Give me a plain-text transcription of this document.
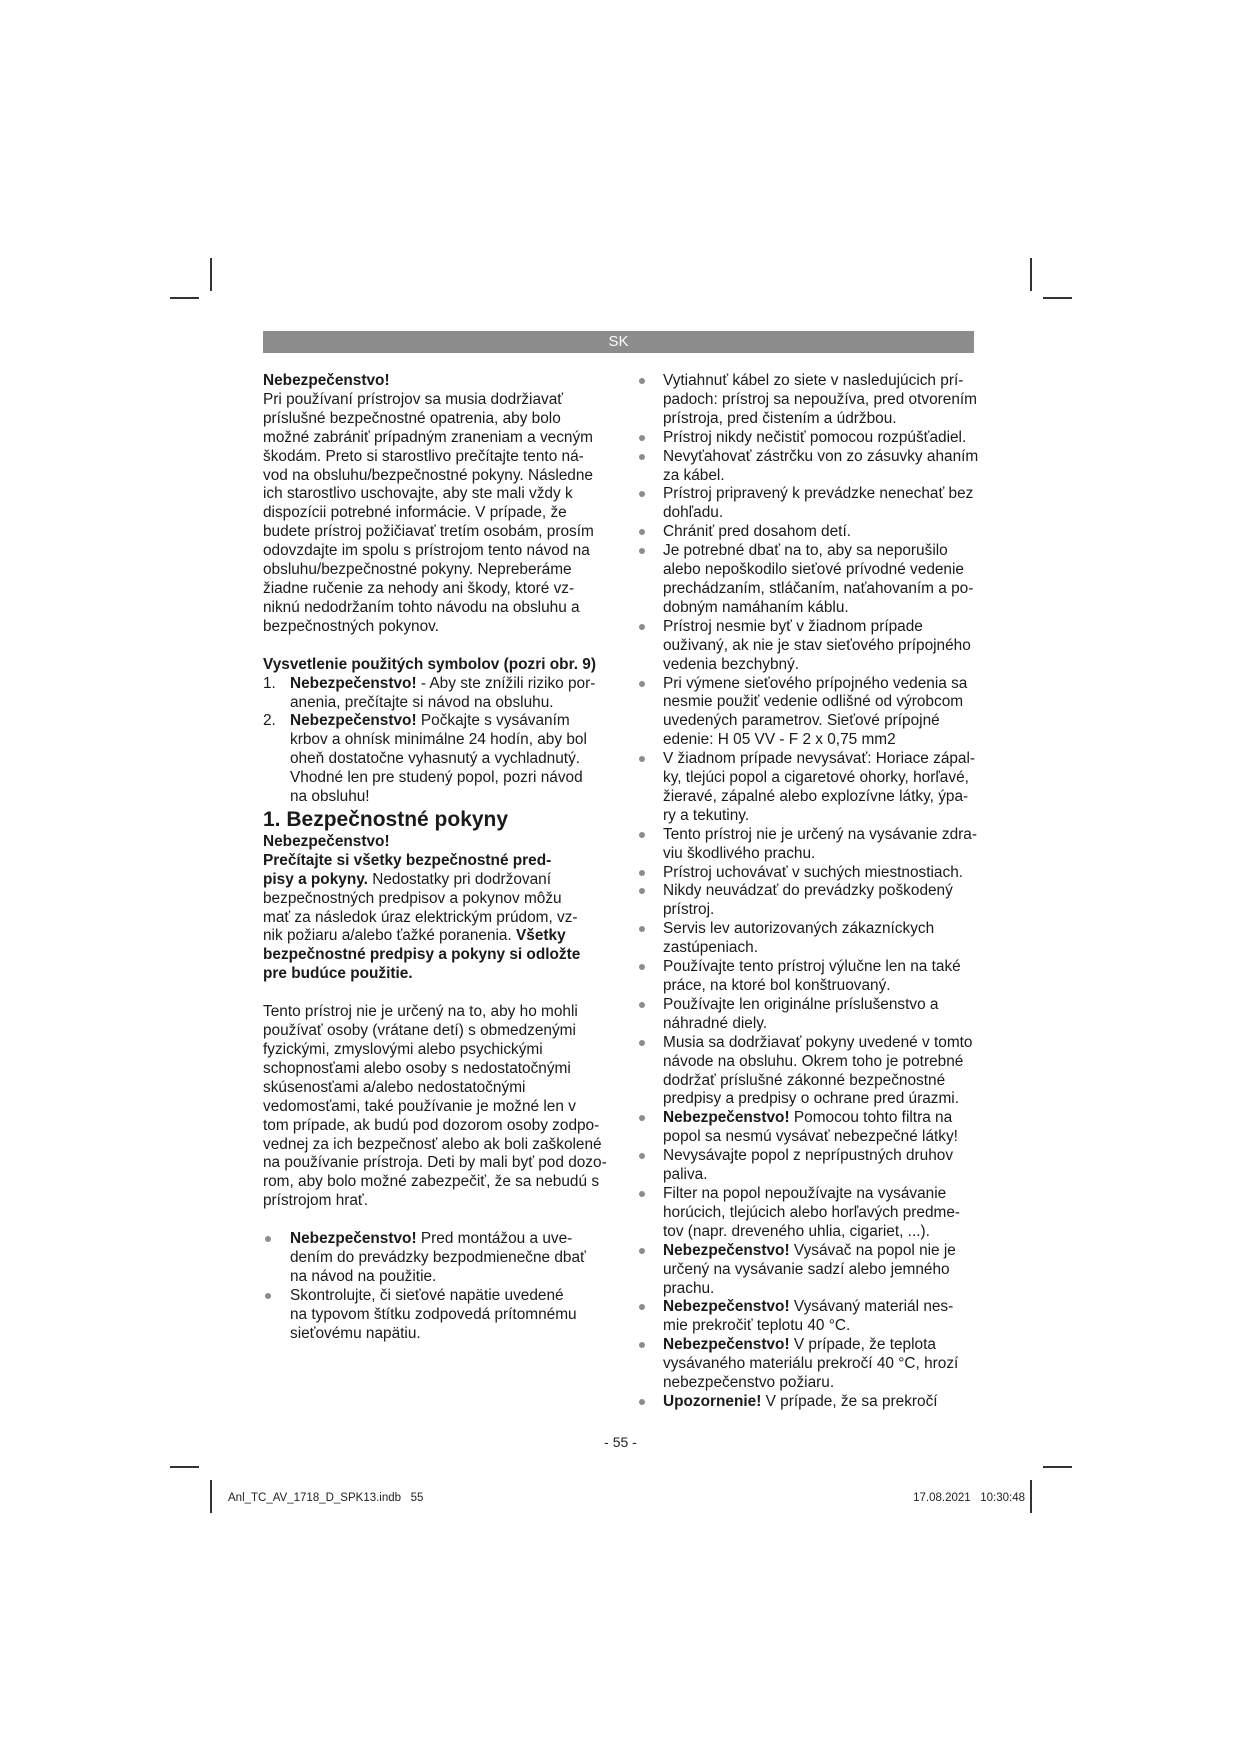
SK

Nebezpečenstvo!

Pri používaní prístrojov sa musia dodržiavať

príslušné bezpečnostné opatrenia, aby bolo

možné zabrániť prípadným zraneniam a vecným

škodám. Preto si starostlivo prečítajte tento ná-

vod na obsluhu/bezpečnostné pokyny. Následne

ich starostlivo uschovajte, aby ste mali vždy k

dispozícii potrebné informácie. V prípade, že

budete prístroj požičiavať tretím osobám, prosím

odovzdajte im spolu s prístrojom tento návod na

obsluhu/bezpečnostné pokyny. Nepreberáme

žiadne ručenie za nehody ani škody, ktoré vz-

niknú nedodržaním tohto návodu na obsluhu a

bezpečnostných pokynov.

Vysvetlenie použitých symbolov (pozri obr. 9)

1. Nebezpečenstvo! - Aby ste znížili riziko por-

anenia, prečítajte si návod na obsluhu.

2. Nebezpečenstvo! Počkajte s vysávaním

krbov a ohnísk minimálne 24 hodín, aby bol

oheň dostatočne vyhasnutý a vychladnutý.

Vhodné len pre studený popol, pozri návod

na obsluhu!

1. Bezpečnostné pokyny

Nebezpečenstvo!

Prečítajte si všetky bezpečnostné pred-

pisy a pokyny. Nedostatky pri dodržovaní

bezpečnostných predpisov a pokynov môžu

mať za následok úraz elektrickým prúdom, vz-

nik požiaru a/alebo ťažké poranenia. Všetky

bezpečnostné predpisy a pokyny si odložte

pre budúce použitie.

Tento prístroj nie je určený na to, aby ho mohli

používať osoby (vrátane detí) s obmedzenými

fyzickými, zmyslovými alebo psychickými

schopnosťami alebo osoby s nedostatočnými

skúsenosťami a/alebo nedostatočnými

vedomosťami, také používanie je možné len v

tom prípade, ak budú pod dozorom osoby zodpo-

vednej za ich bezpečnosť alebo ak boli zaškolené

na používanie prístroja. Deti by mali byť pod dozo-

rom, aby bolo možné zabezpečiť, že sa nebudú s

prístrojom hrať.

Nebezpečenstvo! Pred montážou a uve-

dením do prevádzky bezpodmienečne dbať

na návod na použitie.

Skontrolujte, či sieťové napätie uvedené

na typovom štítku zodpovedá prítomnému

sieťovému napätiu.

Vytiahnuť kábel zo siete v nasledujúcich prí-

padoch: prístroj sa nepoužíva, pred otvorením

prístroja, pred čistením a údržbou.

Prístroj nikdy nečistiť pomocou rozpúšťadiel.

Nevyťahovať zástrčku von zo zásuvky ahaním

za kábel.

Prístroj pripravený k prevádzke nenechať bez

dohľadu.

Chrániť pred dosahom detí.

Je potrebné dbať na to, aby sa neporušilo

alebo nepoškodilo sieťové prívodné vedenie

prechádzaním, stláčaním, naťahovaním a po-

dobným namáhaním káblu.

Prístroj nesmie byť v žiadnom prípade

ouživaný, ak nie je stav sieťového prípojného

vedenia bezchybný.

Pri výmene sieťového prípojného vedenia sa

nesmie použiť vedenie odlišné od výrobcom

uvedených parametrov. Sieťové prípojné

edenie: H 05 VV - F 2 x 0,75 mm2

V žiadnom prípade nevysávať: Horiace zápal-

ky, tlejúci popol a cigaretové ohorky, horľavé,

žieravé, zápalné alebo explozívne látky, ýpa-

ry a tekutiny.

Tento prístroj nie je určený na vysávanie zdra-

viu škodlivého prachu.

Prístroj uchovávať v suchých miestnostiach.

Nikdy neuvádzať do prevádzky poškodený

prístroj.

Servis lev autorizovaných zákazníckych

zastúpeniach.

Používajte tento prístroj výlučne len na také

práce, na ktoré bol konštruovaný.

Používajte len originálne príslušenstvo a

náhradné diely.

Musia sa dodržiavať pokyny uvedené v tomto

návode na obsluhu. Okrem toho je potrebné

dodržať príslušné zákonné bezpečnostné

predpisy a predpisy o ochrane pred úrazmi.

Nebezpečenstvo! Pomocou tohto filtra na

popol sa nesmú vysávať nebezpečné látky!

Nevysávajte popol z neprípustných druhov

paliva.

Filter na popol nepoužívajte na vysávanie

horúcich, tlejúcich alebo horľavých predme-

tov (napr. dreveného uhlia, cigariet, ...).

Nebezpečenstvo! Vysávač na popol nie je

určený na vysávanie sadzí alebo jemného

prachu.

Nebezpečenstvo! Vysávaný materiál nes-

mie prekročiť teplotu 40 °C.

Nebezpečenstvo! V prípade, že teplota

vysávaného materiálu prekročí 40 °C, hrozí

nebezpečenstvo požiaru.

Upozornenie! V prípade, že sa prekročí

- 55 -
Anl_TC_AV_1718_D_SPK13.indb   55	17.08.2021   10:30:48
